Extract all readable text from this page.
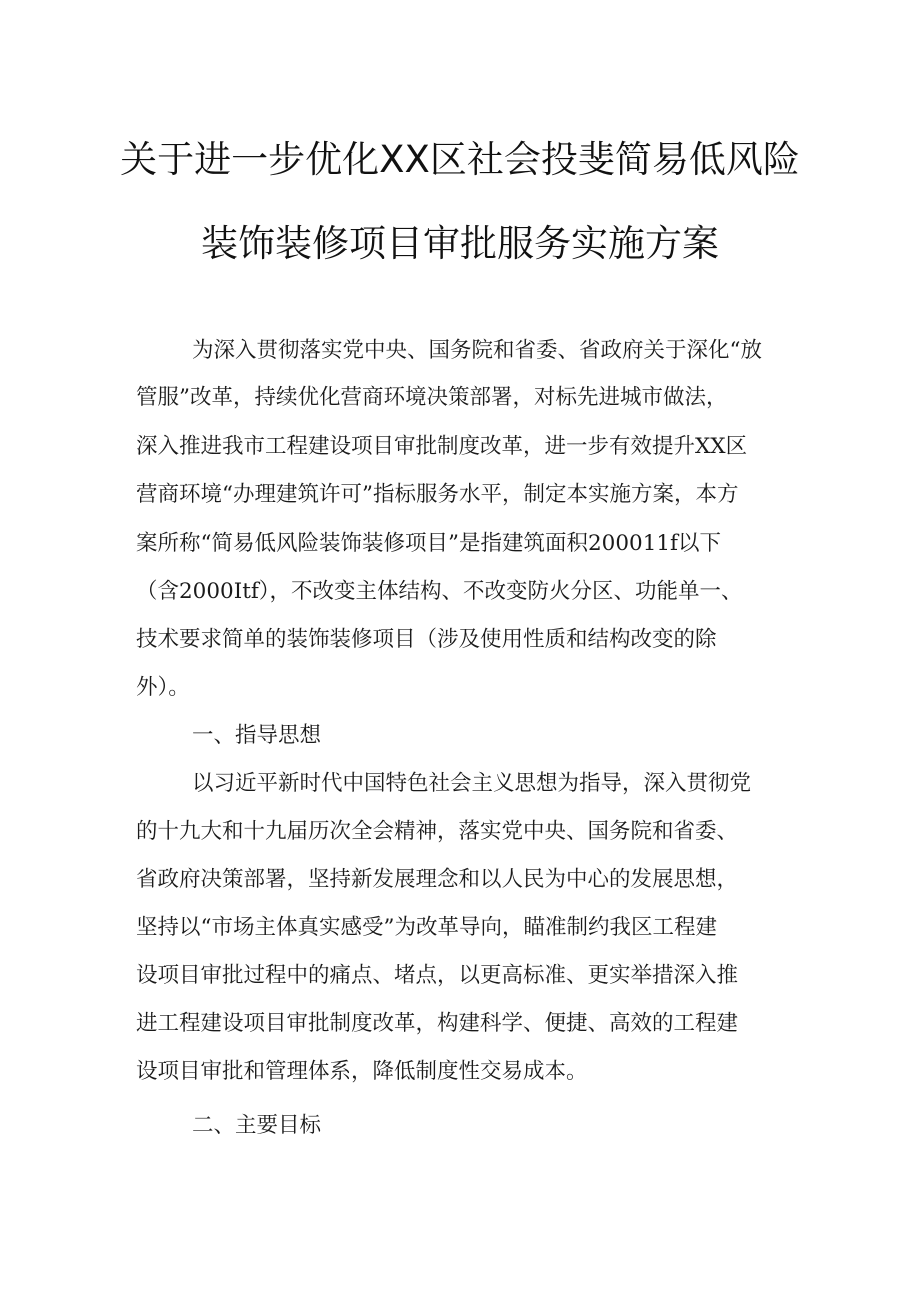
关于进一步优化XX区社会投斐简易低风险
装饰装修项目审批服务实施方案
为深入贯彻落实党中央、国务院和省委、省政府关于深化“放
管服”改革，持续优化营商环境决策部署，对标先进城市做法，
深入推进我市工程建设项目审批制度改革，进一步有效提升XX区
营商环境“办理建筑许可”指标服务水平，制定本实施方案，本方
案所称“简易低风险装饰装修项目”是指建筑面积200011f以下
（含2000Itf），不改变主体结构、不改变防火分区、功能单一、
技术要求简单的装饰装修项目（涉及使用性质和结构改变的除
外）。
一、指导思想
以习近平新时代中国特色社会主义思想为指导，深入贯彻党
的十九大和十九届历次全会精神，落实党中央、国务院和省委、
省政府决策部署，坚持新发展理念和以人民为中心的发展思想，
坚持以“市场主体真实感受”为改革导向，瞄准制约我区工程建
设项目审批过程中的痛点、堵点，以更高标准、更实举措深入推
进工程建设项目审批制度改革，构建科学、便捷、高效的工程建
设项目审批和管理体系，降低制度性交易成本。
二、主要目标
